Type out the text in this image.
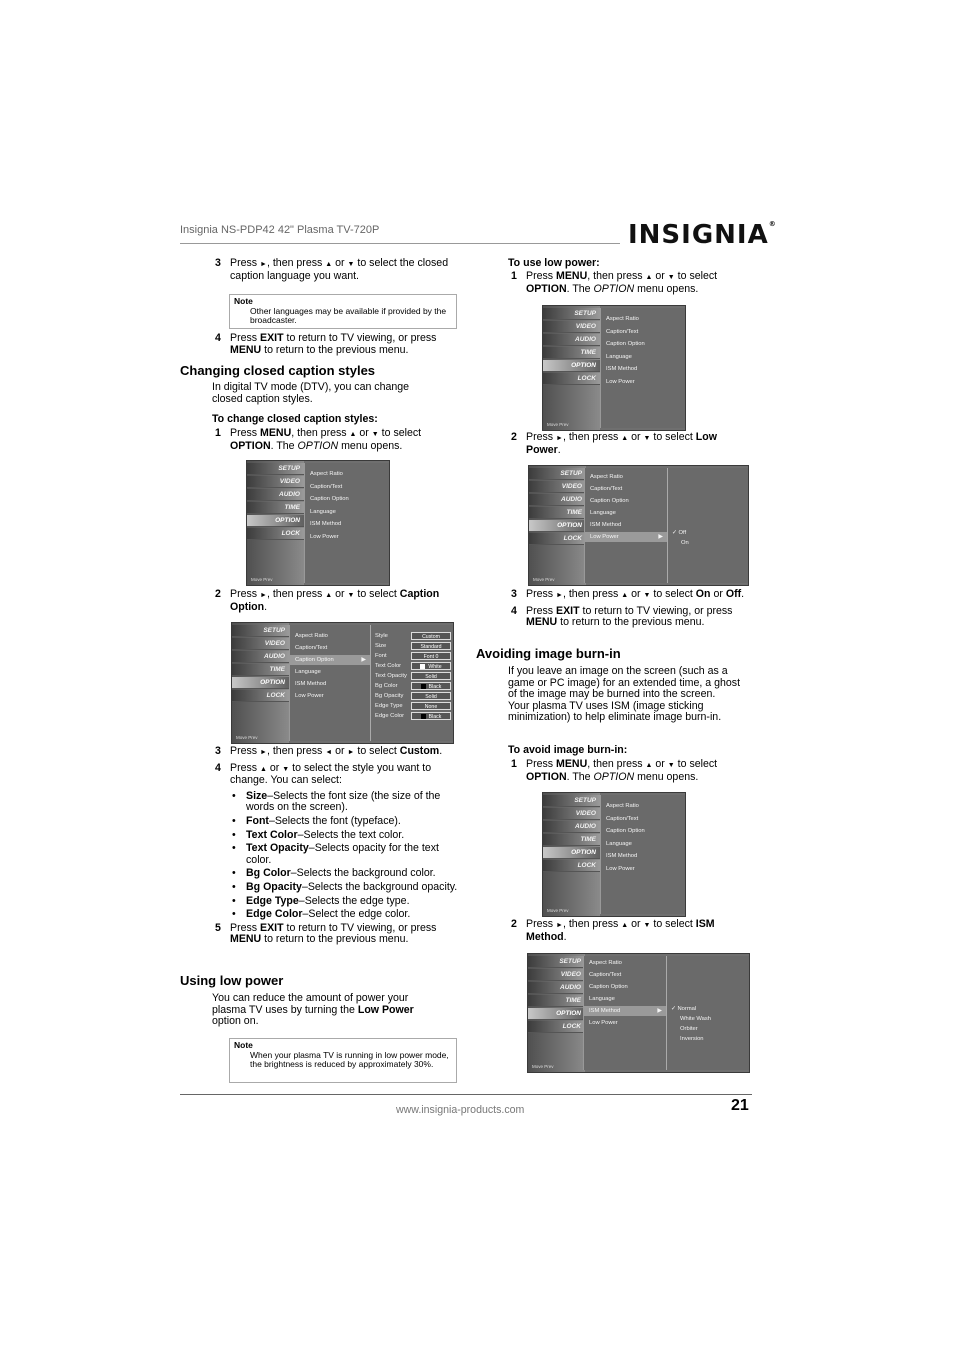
Insignia NS-PDP42 42" Plasma TV-720P	INSIGNIA®

3 Press ►, then press ▲ or ▼ to select the closed caption language you want.

Note
Other languages may be available if provided by the broadcaster.

4 Press EXIT to return to TV viewing, or press MENU to return to the previous menu.

Changing closed caption styles
In digital TV mode (DTV), you can change closed caption styles.
To change closed caption styles:

1 Press MENU, then press ▲ or ▼ to select OPTION. The OPTION menu opens.

SETUP
VIDEO
AUDIO
TIME
OPTION
LOCK
Move Prev
Aspect Ratio
Caption/Text
Caption Option
Language
ISM Method
Low Power

2 Press ►, then press ▲ or ▼ to select Caption Option.

SETUP
VIDEO
AUDIO
TIME
OPTION
LOCK
Move Prev
Aspect Ratio
Caption/Text
Caption Option	▶
Language
ISM Method
Low Power
Style
Size
Font
Text Color
Text Opacity
Bg Color
Bg Opacity
Edge Type
Edge Color
Custom
Standard
Font 0
White
Solid
Black
Solid
None
Black

3 Press ►, then press ◄ or ► to select Custom.

4 Press ▲ or ▼ to select the style you want to change. You can select:

• Size–Selects the font size (the size of the words on the screen).

• Font–Selects the font (typeface).

• Text Color–Selects the text color.

• Text Opacity–Selects opacity for the text color.

• Bg Color–Selects the background color.

• Bg Opacity–Selects the background opacity.

• Edge Type–Selects the edge type.

• Edge Color–Select the edge color.

5 Press EXIT to return to TV viewing, or press MENU to return to the previous menu.

Using low power
You can reduce the amount of power your plasma TV uses by turning the Low Power option on.
Note
When your plasma TV is running in low power mode, the brightness is reduced by approximately 30%.
To use low power:

1 Press MENU, then press ▲ or ▼ to select OPTION. The OPTION menu opens.

SETUP
VIDEO
AUDIO
TIME
OPTION
LOCK
Move Prev
Aspect Ratio
Caption/Text
Caption Option
Language
ISM Method
Low Power

2 Press ►, then press ▲ or ▼ to select Low Power.

SETUP
VIDEO
AUDIO
TIME
OPTION
LOCK
Move Prev
Aspect Ratio
Caption/Text
Caption Option
Language
ISM Method
Low Power	▶
✓ Off
On

3 Press ►, then press ▲ or ▼ to select On or Off.

4 Press EXIT to return to TV viewing, or press MENU to return to the previous menu.

Avoiding image burn-in

If you leave an image on the screen (such as a game or PC image) for an extended time, a ghost of the image may be burned into the screen.

Your plasma TV uses ISM (image sticking minimization) to help eliminate image burn-in.

To avoid image burn-in:

1 Press MENU, then press ▲ or ▼ to select OPTION. The OPTION menu opens.

SETUP
VIDEO
AUDIO
TIME
OPTION
LOCK
Move Prev
Aspect Ratio
Caption/Text
Caption Option
Language
ISM Method
Low Power

2 Press ►, then press ▲ or ▼ to select ISM Method.

SETUP
VIDEO
AUDIO
TIME
OPTION
LOCK
Move Prev
Aspect Ratio
Caption/Text
Caption Option
Language
ISM Method	▶
Low Power
✓ Normal
White Wash
Orbiter
Inversion
www.insignia-products.com	21
